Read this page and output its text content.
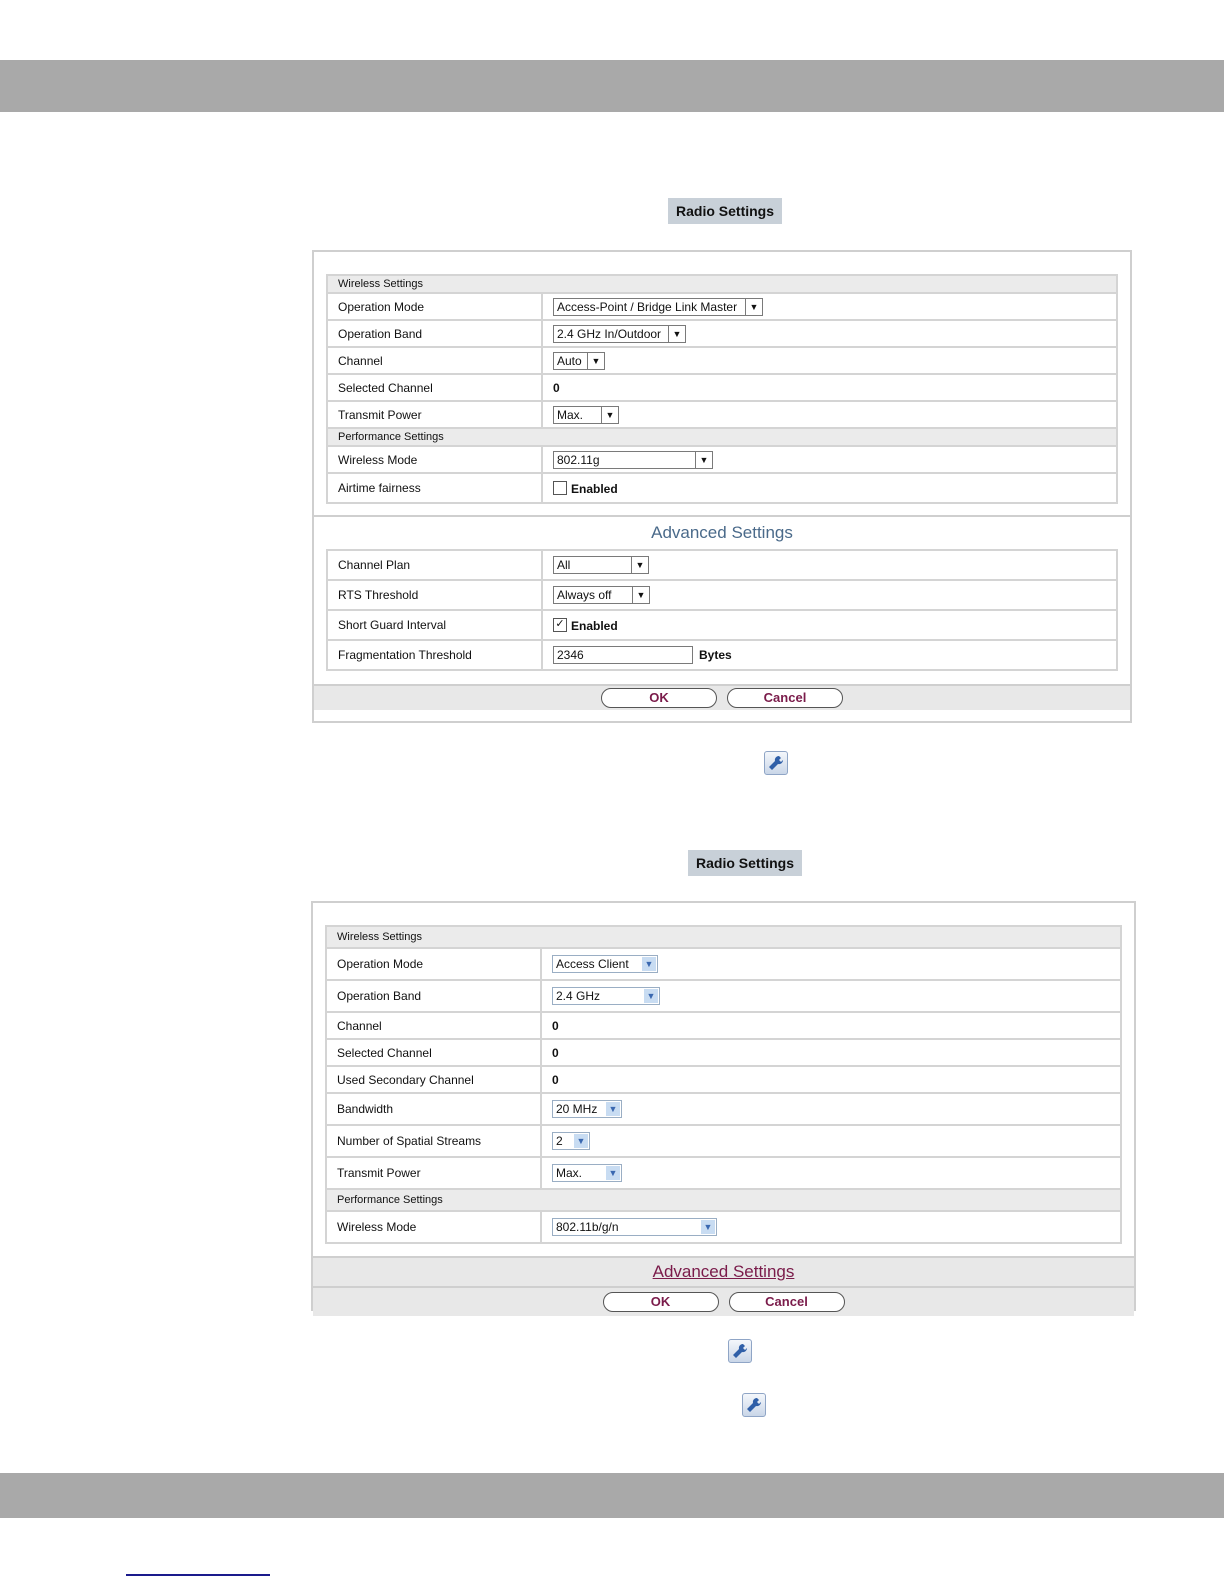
Radio Settings
Wireless Settings	
Operation Mode	Access-Point / Bridge Link Master ▼

Operation Band	2.4 GHz In/Outdoor ▼

Channel	Auto ▼

Selected Channel	0
Transmit Power	Max. ▼

Performance Settings	
Wireless Mode	802.11g ▼

Airtime fairness	Enabled
Advanced Settings
Channel Plan	All ▼

RTS Threshold	Always off ▼

Short Guard Interval	✓ Enabled
Fragmentation Threshold	2346 Bytes
OK	Cancel
Radio Settings
Wireless Settings	
Operation Mode	Access Client ▼

Operation Band	2.4 GHz ▼

Channel	0
Selected Channel	0
Used Secondary Channel	0
Bandwidth	20 MHz ▼

Number of Spatial Streams	2 ▼

Transmit Power	Max. ▼

Performance Settings	
Wireless Mode	802.11b/g/n ▼
Advanced Settings
OK	Cancel
